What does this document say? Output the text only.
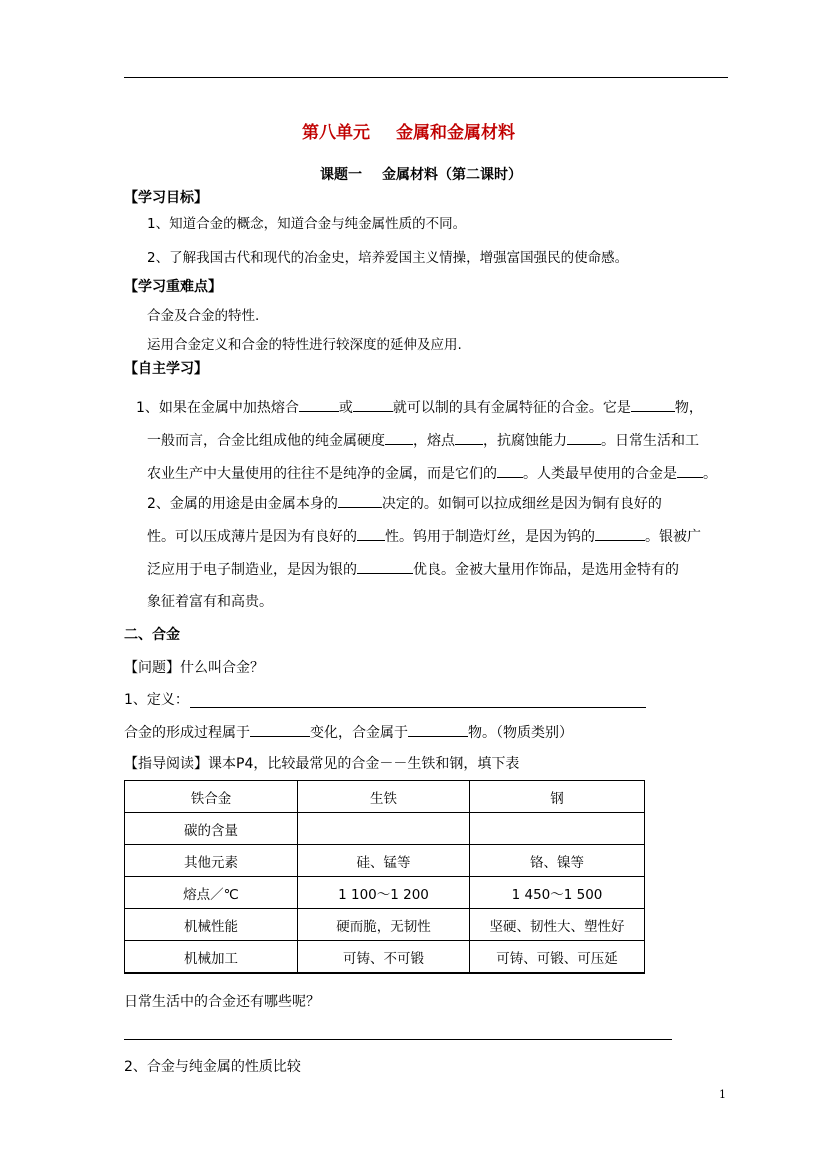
第八单元 金属和金属材料
课题一 金属材料（第二课时）
【学习目标】
1、知道合金的概念，知道合金与纯金属性质的不同。
2、了解我国古代和现代的冶金史，培养爱国主义情操，增强富国强民的使命感。
【学习重难点】
合金及合金的特性.
运用合金定义和合金的特性进行较深度的延伸及应用.
【自主学习】
1、如果在金属中加热熔合	或	就可以制的具有金属特征的合金。它是	物，
一般而言，合金比组成他的纯金属硬度 ，熔点 ，抗腐蚀能力 。日常生活和工
农业生产中大量使用的往往不是纯净的金属，而是它们的 。人类最早使用的合金是 。
2、金属的用途是由金属本身的	决定的。如铜可以拉成细丝是因为铜有良好的
性。可以压成薄片是因为有良好的 性。钨用于制造灯丝，是因为钨的	。银被广
泛应用于电子制造业，是因为银的	优良。金被大量用作饰品，是选用金特有的
象征着富有和高贵。
二、合金
【问题】什么叫合金？
1、定义：
合金的形成过程属于	变化，合金属于	物。（物质类别）
【指导阅读】课本P4，比较最常见的合金－－生铁和钢，填下表
铁合金	生铁	钢
碳的含量		
其他元素	硅、锰等	铬、镍等
熔点／℃	1 100～1 200	1 450～1 500
机械性能	硬而脆，无韧性	坚硬、韧性大、塑性好
机械加工	可铸、不可锻	可铸、可锻、可压延
日常生活中的合金还有哪些呢？
2、合金与纯金属的性质比较
1
